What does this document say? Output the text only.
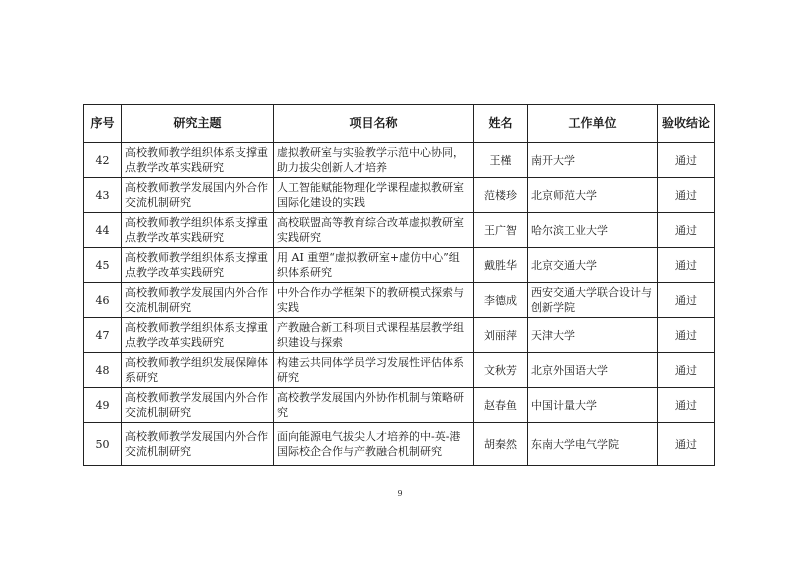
序号	研究主题	项目名称	姓名	工作单位	验收结论
42	高校教师教学组织体系支撑重点教学改革实践研究	虚拟教研室与实验教学示范中心协同，助力拔尖创新人才培养	王槿	南开大学	通过
43	高校教师教学发展国内外合作交流机制研究	人工智能赋能物理化学课程虚拟教研室国际化建设的实践	范楼珍	北京师范大学	通过
44	高校教师教学组织体系支撑重点教学改革实践研究	高校联盟高等教育综合改革虚拟教研室实践研究	王广智	哈尔滨工业大学	通过
45	高校教师教学组织体系支撑重点教学改革实践研究	用 AI 重塑“虚拟教研室+虚仿中心”组织体系研究	戴胜华	北京交通大学	通过
46	高校教师教学发展国内外合作交流机制研究	中外合作办学框架下的教研模式探索与实践	李德成	西安交通大学联合设计与创新学院	通过
47	高校教师教学组织体系支撑重点教学改革实践研究	产教融合新工科项目式课程基层教学组织建设与探索	刘丽萍	天津大学	通过
48	高校教师教学组织发展保障体系研究	构建云共同体学员学习发展性评估体系研究	文秋芳	北京外国语大学	通过
49	高校教师教学发展国内外合作交流机制研究	高校教学发展国内外协作机制与策略研究	赵春鱼	中国计量大学	通过
50	高校教师教学发展国内外合作交流机制研究	面向能源电气拔尖人才培养的中-英-港国际校企合作与产教融合机制研究	胡秦然	东南大学电气学院	通过
9
